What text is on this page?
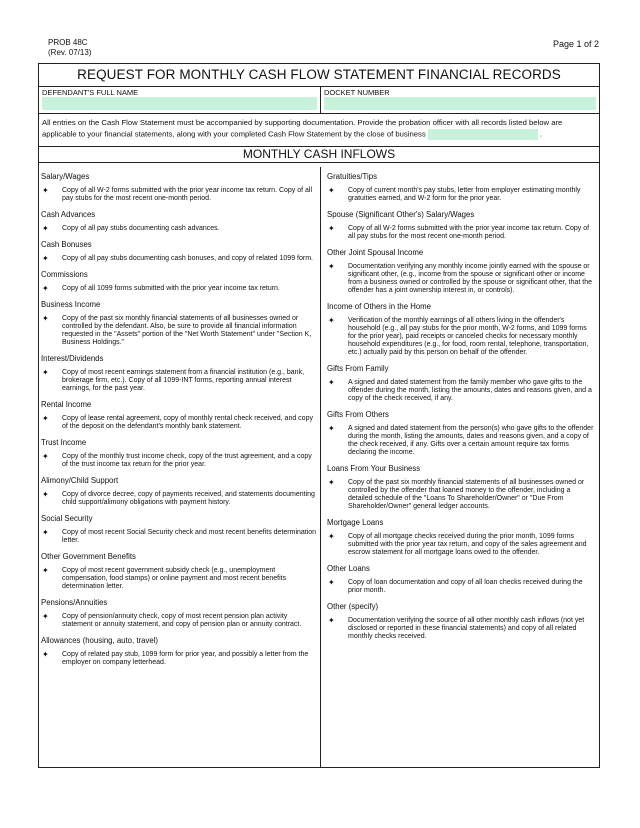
PROB 48C
(Rev. 07/13)
Page 1 of 2
REQUEST FOR MONTHLY CASH FLOW STATEMENT FINANCIAL RECORDS
DEFENDANT'S FULL NAME	DOCKET NUMBER
All entries on the Cash Flow Statement must be accompanied by supporting documentation. Provide the probation officer with all records listed below are applicable to your financial statements, along with your completed Cash Flow Statement by the close of business	.
MONTHLY CASH INFLOWS
Salary/Wages
✦	Copy of all W-2 forms submitted with the prior year income tax return. Copy of all pay stubs for the most recent one-month period.
Cash Advances
✦	Copy of all pay stubs documenting cash advances.
Cash Bonuses
✦	Copy of all pay stubs documenting cash bonuses, and copy of related 1099 form.
Commissions
✦	Copy of all 1099 forms submitted with the prior year income tax return.
Business Income
✦	Copy of the past six monthly financial statements of all businesses owned or controlled by the defendant. Also, be sure to provide all financial information requested in the "Assets" portion of the "Net Worth Statement" under "Section K, Business Holdings."
Interest/Dividends
✦	Copy of most recent earnings statement from a financial institution (e.g., bank, brokerage firm, etc.). Copy of all 1099-INT forms, reporting annual interest earnings, for the past year.
Rental Income
✦	Copy of lease rental agreement, copy of monthly rental check received, and copy of the deposit on the defendant's monthly bank statement.
Trust Income
✦	Copy of the monthly trust income check, copy of the trust agreement, and a copy of the trust income tax return for the prior year.
Alimony/Child Support
✦	Copy of divorce decree, copy of payments received, and statements documenting child support/alimony obligations with payment history.
Social Security
✦	Copy of most recent Social Security check and most recent benefits determination letter.
Other Government Benefits
✦	Copy of most recent government subsidy check (e.g., unemployment compensation, food stamps) or online payment and most recent benefits determination letter.
Pensions/Annuities
✦	Copy of pension/annuity check, copy of most recent pension plan activity statement or annuity statement, and copy of pension plan or annuity contract.
Allowances (housing, auto, travel)
✦	Copy of related pay stub, 1099 form for prior year, and possibly a letter from the employer on company letterhead.
Gratuities/Tips
✦	Copy of current month's pay stubs, letter from employer estimating monthly gratuities earned, and W-2 form for the prior year.
Spouse (Significant Other's) Salary/Wages
✦	Copy of all W-2 forms submitted with the prior year income tax return. Copy of all pay stubs for the most recent one-month period.
Other Joint Spousal Income
✦	Documentation verifying any monthly income jointly earned with the spouse or significant other, (e.g., income from the spouse or significant other or income from a business owned or controlled by the spouse or significant other, that the offender has a joint ownership interest in, or controls).
Income of Others in the Home
✦	Verification of the monthly earnings of all others living in the offender's household (e.g., all pay stubs for the prior month, W-2 forms, and 1099 forms for the prior year), paid receipts or canceled checks for necessary monthly household expenditures (e.g., for food, room rental, telephone, transportation, etc.) actually paid by this person on behalf of the offender.
Gifts From Family
✦	A signed and dated statement from the family member who gave gifts to the offender during the month, listing the amounts, dates and reasons given, and a copy of the check received, if any.
Gifts From Others
✦	A signed and dated statement from the person(s) who gave gifts to the offender during the month, listing the amounts, dates and reasons given, and a copy of the check received, if any. Gifts over a certain amount require tax forms declaring the income.
Loans From Your Business
✦	Copy of the past six monthly financial statements of all businesses owned or controlled by the offender that loaned money to the offender, including a detailed schedule of the "Loans To Shareholder/Owner" or "Due From Shareholder/Owner" general ledger accounts.
Mortgage Loans
✦	Copy of all mortgage checks received during the prior month, 1099 forms submitted with the prior year tax return, and copy of the sales agreement and escrow statement for all mortgage loans owed to the offender.
Other Loans
✦	Copy of loan documentation and copy of all loan checks received during the prior month.
Other (specify)
✦	Documentation verifying the source of all other monthly cash inflows (not yet disclosed or reported in these financial statements) and copy of all related monthly checks received.
